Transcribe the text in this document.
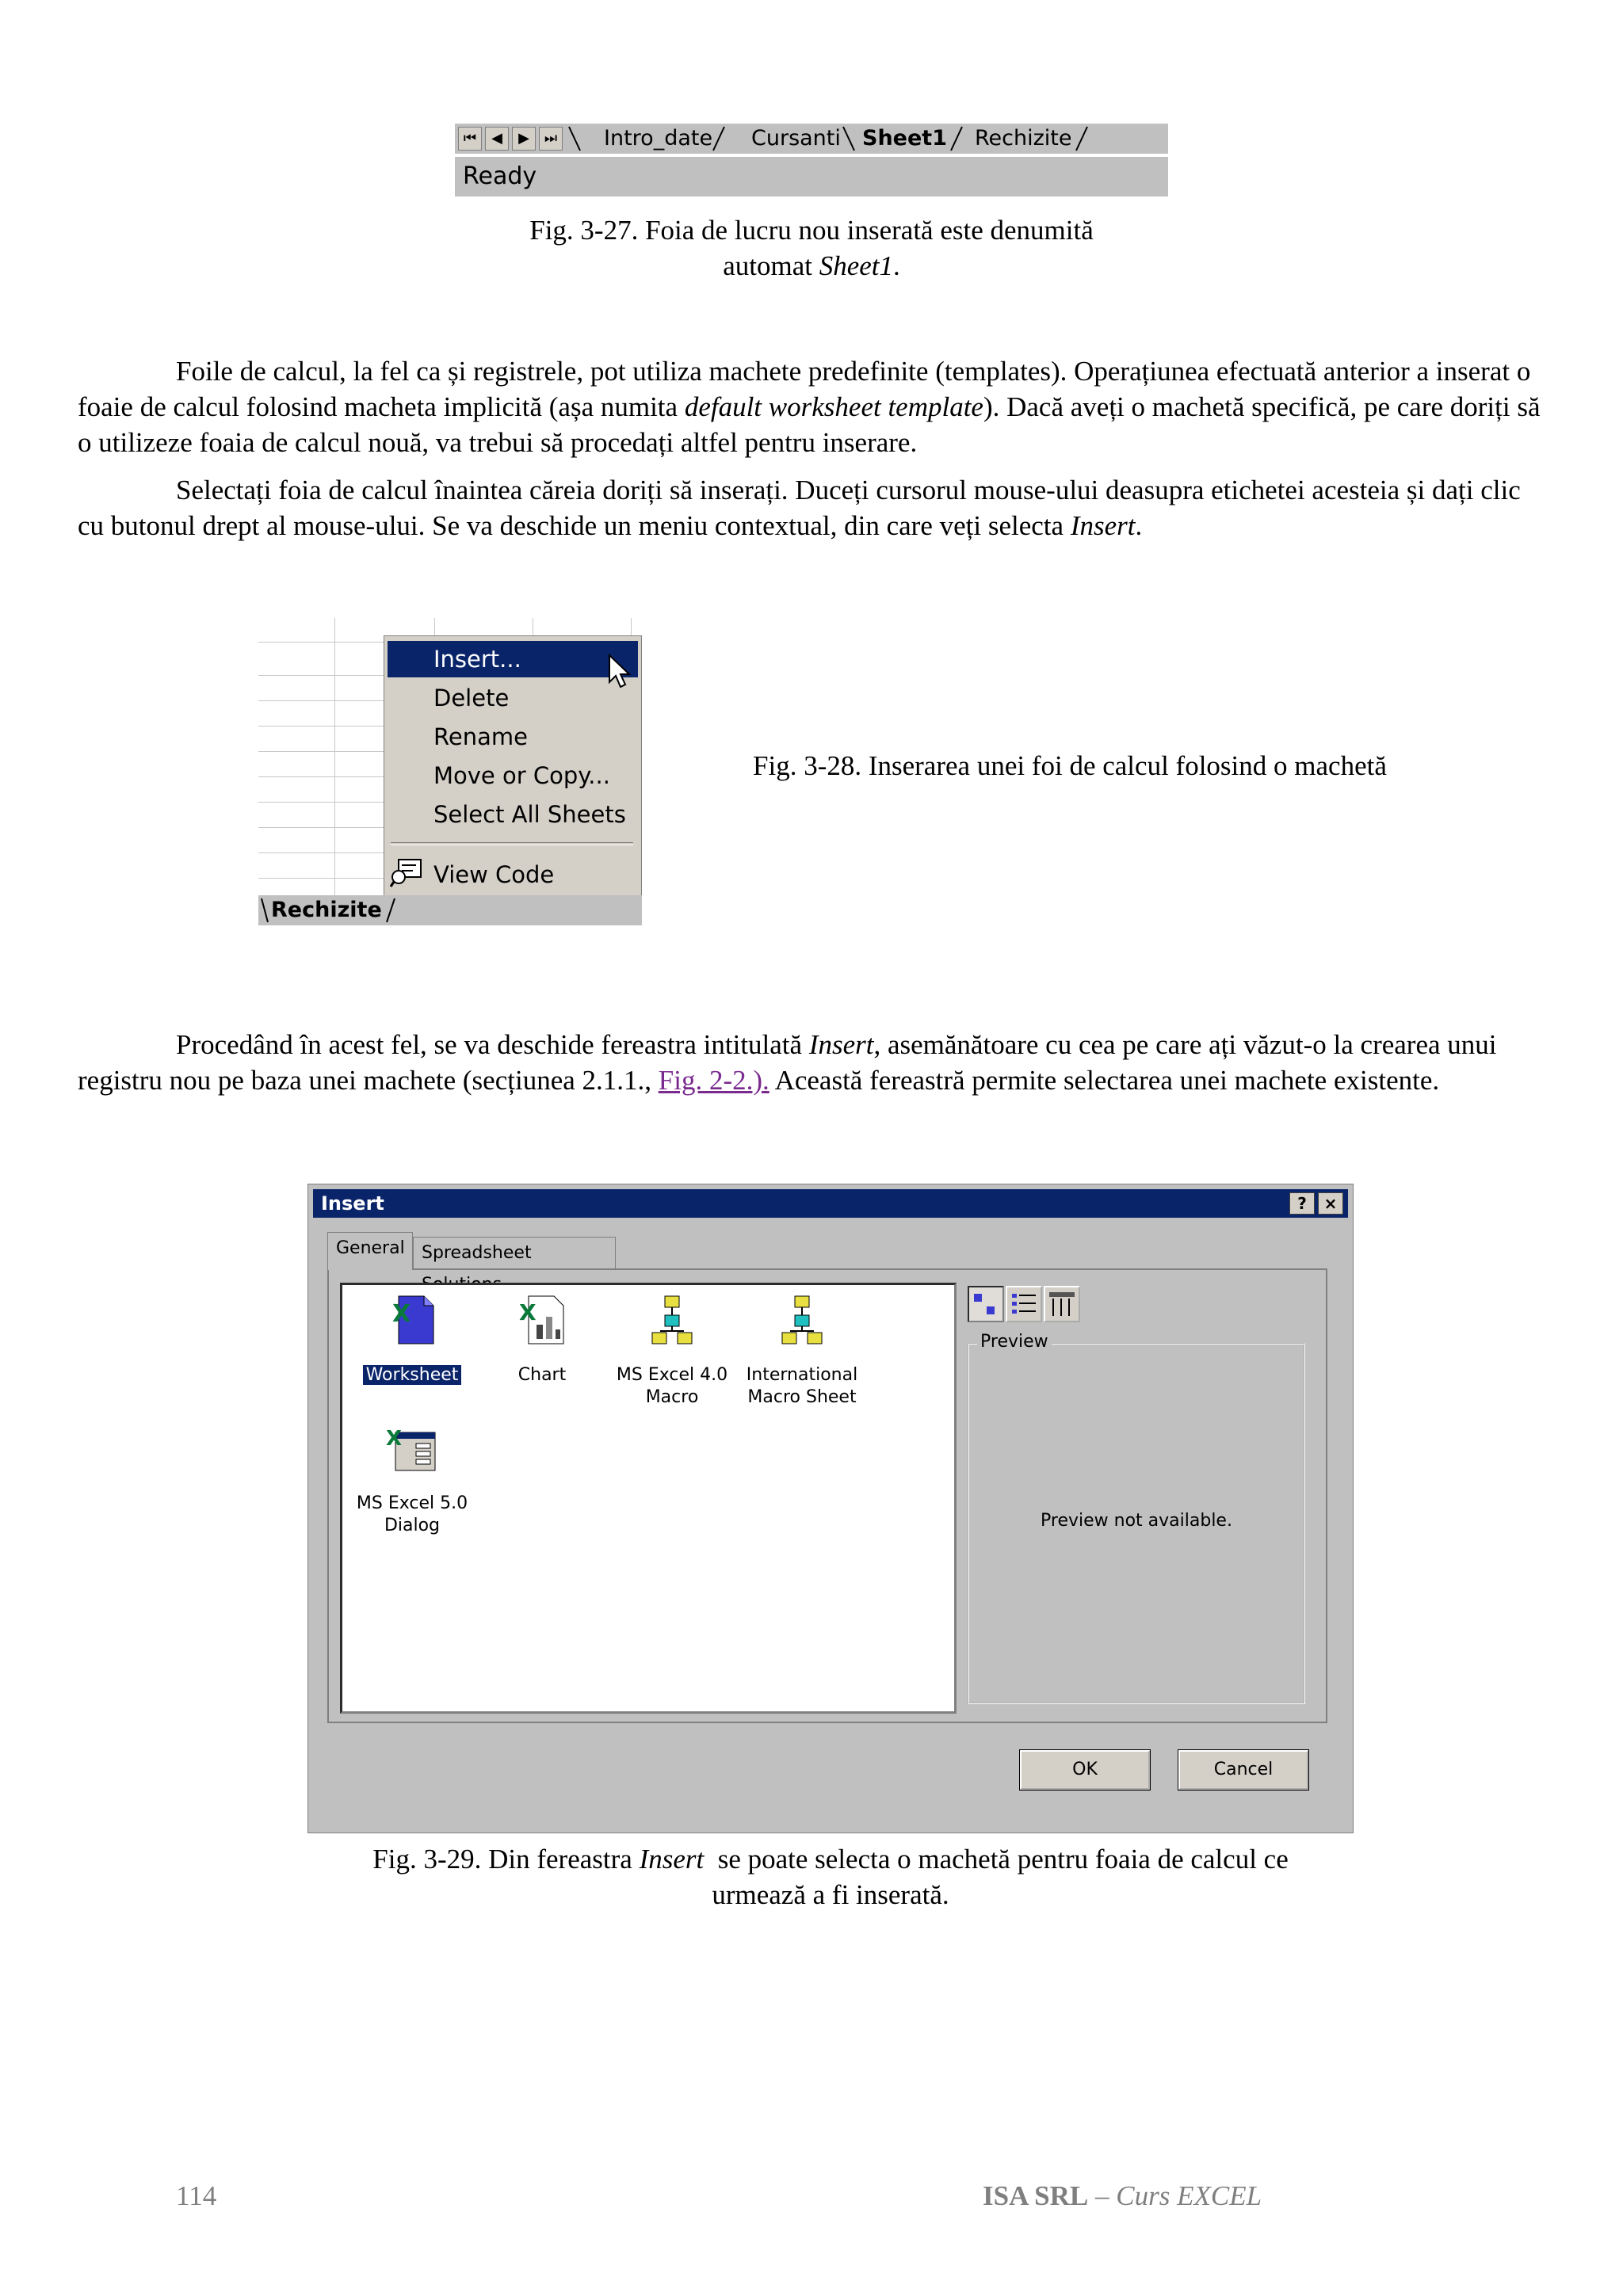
⏮	◀	▶	⏭ Intro_date Cursanti Sheet1 Rechizite
Ready
Fig. 3-27. Foia de lucru nou inserată este denumită
automat Sheet1.
Foile de calcul, la fel ca și registrele, pot utiliza machete predefinite (templates). Operațiunea efectuată anterior a inserat o foaie de calcul folosind macheta implicită (așa numita default worksheet template). Dacă aveți o machetă specifică, pe care doriți să o utilizeze foaia de calcul nouă, va trebui să procedați altfel pentru inserare.
Selectați foia de calcul înaintea căreia doriți să inserați. Duceți cursorul mouse-ului deasupra etichetei acesteia și dați clic cu butonul drept al mouse-ului. Se va deschide un meniu contextual, din care veți selecta Insert.
Insert...
Delete
Rename
Move or Copy...
Select All Sheets
View Code
Rechizite
Fig. 3-28. Inserarea unei foi de calcul folosind o machetă
Procedând în acest fel, se va deschide fereastra intitulată Insert, asemănătoare cu cea pe care ați văzut-o la crearea unui registru nou pe baza unei machete (secțiunea 2.1.1., Fig. 2-2.). Această fereastră permite selectarea unei machete existente.
Insert	?	×
General Spreadsheet
X
Worksheet
X
Chart	MS Excel 4.0
Macro
International
Macro Sheet
X
MS Excel 5.0
Dialog
Preview
Preview not available.
OK	Cancel
Fig. 3-29. Din fereastra Insert  se poate selecta o machetă pentru foaia de calcul ce
urmează a fi inserată.
114	ISA SRL – Curs EXCEL
